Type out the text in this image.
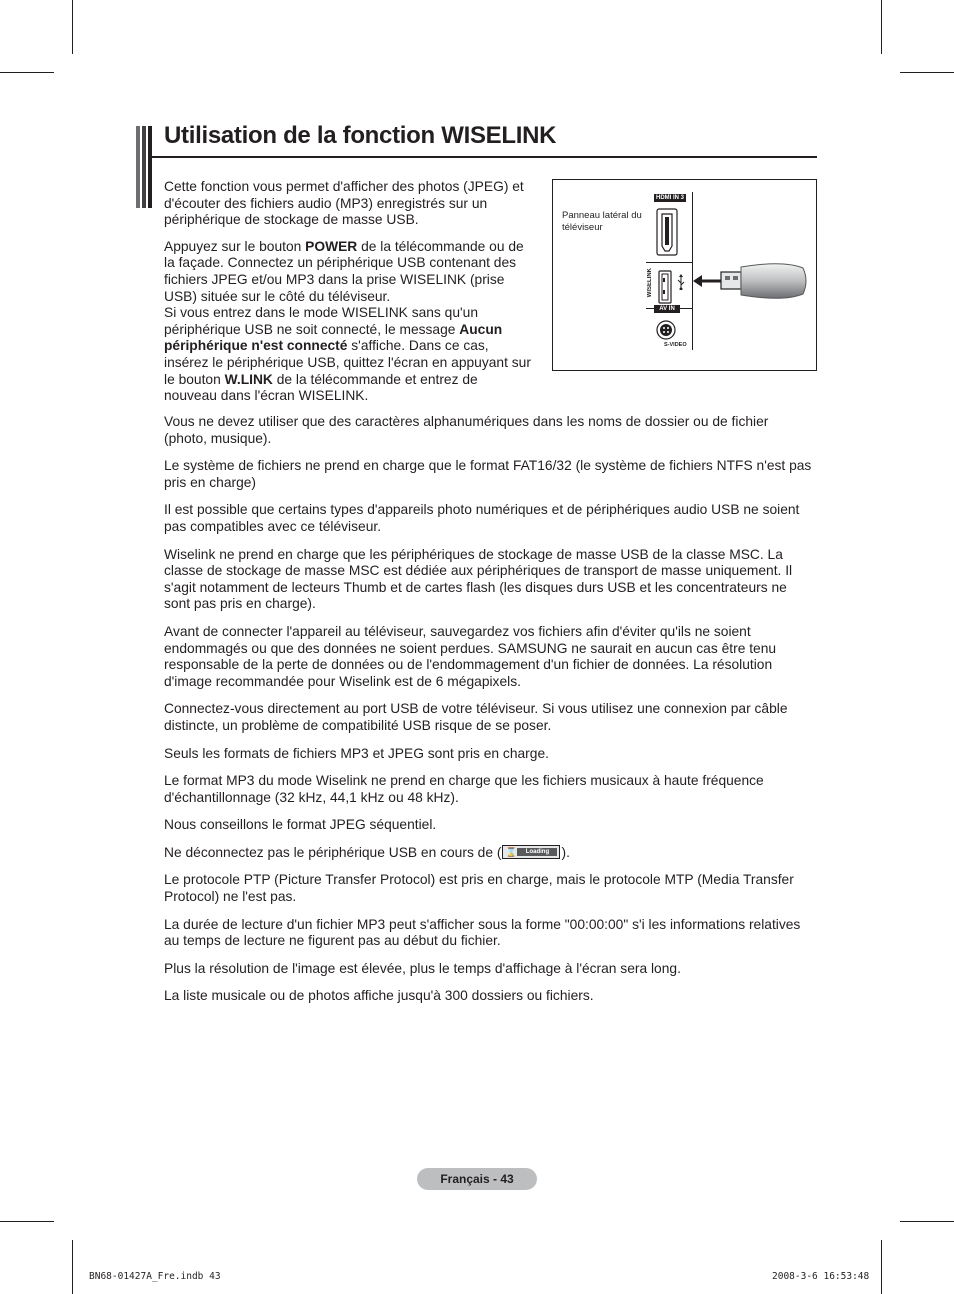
Utilisation de la fonction WISELINK

Cette fonction vous permet d'afficher des photos (JPEG) et d'écouter des fichiers audio (MP3) enregistrés sur un périphérique de stockage de masse USB.

Appuyez sur le bouton POWER de la télécommande ou de la façade. Connectez un périphérique USB contenant des fichiers JPEG et/ou MP3 dans la prise WISELINK (prise USB) située sur le côté du téléviseur.

Si vous entrez dans le mode WISELINK sans qu'un périphérique USB ne soit connecté, le message Aucun périphérique n'est connecté s'affiche. Dans ce cas, insérez le périphérique USB, quittez l'écran en appuyant sur le bouton W.LINK de la télécommande et entrez de nouveau dans l'écran WISELINK.

Panneau latéral du téléviseur
HDMI IN 3
WISELINK
AV IN
S-VIDEO

Vous ne devez utiliser que des caractères alphanumériques dans les noms de dossier ou de fichier (photo, musique).

Le système de fichiers ne prend en charge que le format FAT16/32 (le système de fichiers NTFS n'est pas pris en charge)

Il est possible que certains types d'appareils photo numériques et de périphériques audio USB ne soient pas compatibles avec ce téléviseur.

Wiselink ne prend en charge que les périphériques de stockage de masse USB de la classe MSC. La classe de stockage de masse MSC est dédiée aux périphériques de transport de masse uniquement. Il s'agit notamment de lecteurs Thumb et de cartes flash (les disques durs USB et les concentrateurs ne sont pas pris en charge).

Avant de connecter l'appareil au téléviseur, sauvegardez vos fichiers afin d'éviter qu'ils ne soient endommagés ou que des données ne soient perdues. SAMSUNG ne saurait en aucun cas être tenu responsable de la perte de données ou de l'endommagement d'un fichier de données. La résolution d'image recommandée pour Wiselink est de 6 mégapixels.

Connectez-vous directement au port USB de votre téléviseur. Si vous utilisez une connexion par câble distincte, un problème de compatibilité USB risque de se poser.

Seuls les formats de fichiers MP3 et JPEG sont pris en charge.

Le format MP3 du mode Wiselink ne prend en charge que les fichiers musicaux à haute fréquence d'échantillonnage (32 kHz, 44,1 kHz ou 48 kHz).

Nous conseillons le format JPEG séquentiel.

Ne déconnectez pas le périphérique USB en cours de ( ⌛	Loading ).

Le protocole PTP (Picture Transfer Protocol) est pris en charge, mais le protocole MTP (Media Transfer Protocol) ne l'est pas.

La durée de lecture d'un fichier MP3 peut s'afficher sous la forme "00:00:00" s'i les informations relatives au temps de lecture ne figurent pas au début du fichier.

Plus la résolution de l'image est élevée, plus le temps d'affichage à l'écran sera long.

La liste musicale ou de photos affiche jusqu'à 300 dossiers ou fichiers.

Français - 43
BN68-01427A_Fre.indb 43	2008-3-6 16:53:48
